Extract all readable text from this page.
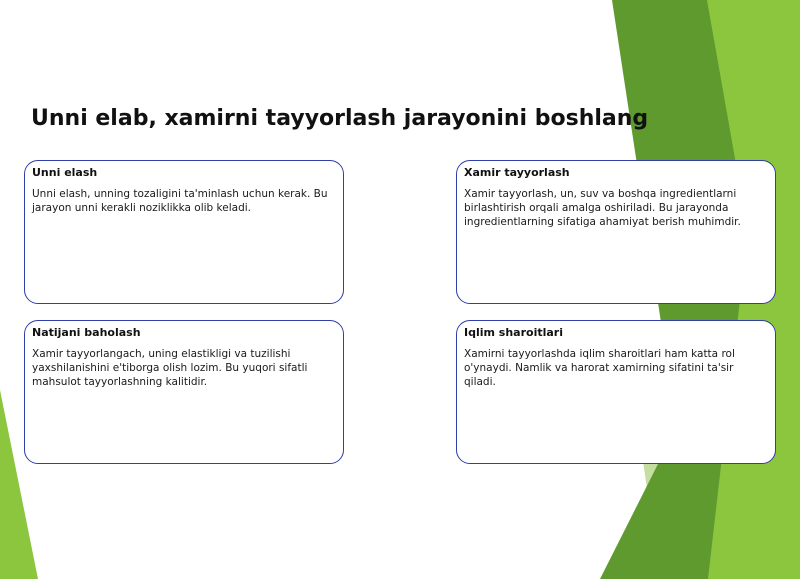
Unni elab, xamirni tayyorlash jarayonini boshlang
Unni elash

Unni elash, unning tozaligini ta'minlash uchun kerak. Bu jarayon unni kerakli noziklikka olib keladi.

Xamir tayyorlash

Xamir tayyorlash, un, suv va boshqa ingredientlarni birlashtirish orqali amalga oshiriladi. Bu jarayonda ingredientlarning sifatiga ahamiyat berish muhimdir.

Natijani baholash

Xamir tayyorlangach, uning elastikligi va tuzilishi yaxshilanishini e'tiborga olish lozim. Bu yuqori sifatli mahsulot tayyorlashning kalitidir.

Iqlim sharoitlari

Xamirni tayyorlashda iqlim sharoitlari ham katta rol o'ynaydi. Namlik va harorat xamirning sifatini ta'sir qiladi.
